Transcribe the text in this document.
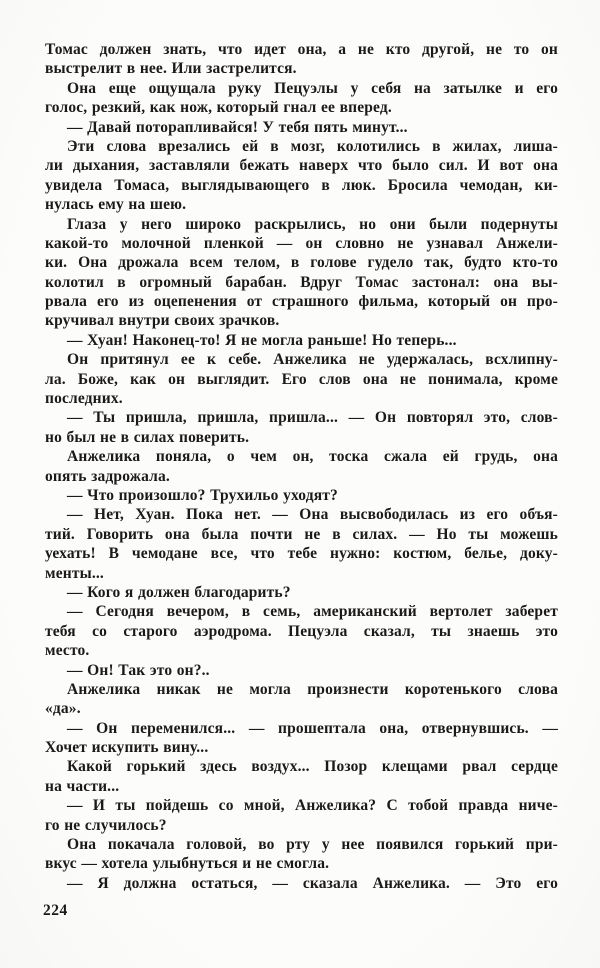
Томас должен знать, что идет она, а не кто другой, не то он
выстрелит в нее. Или застрелится.
Она еще ощущала руку Пецуэлы у себя на затылке и его
голос, резкий, как нож, который гнал ее вперед.
— Давай поторапливайся! У тебя пять минут...
Эти слова врезались ей в мозг, колотились в жилах, лиша-
ли дыхания, заставляли бежать наверх что было сил. И вот она
увидела Томаса, выглядывающего в люк. Бросила чемодан, ки-
нулась ему на шею.
Глаза у него широко раскрылись, но они были подернуты
какой-то молочной пленкой — он словно не узнавал Анжели-
ки. Она дрожала всем телом, в голове гудело так, будто кто-то
колотил в огромный барабан. Вдруг Томас застонал: она вы-
рвала его из оцепенения от страшного фильма, который он про-
кручивал внутри своих зрачков.
— Хуан! Наконец-то! Я не могла раньше! Но теперь...
Он притянул ее к себе. Анжелика не удержалась, всхлипну-
ла. Боже, как он выглядит. Его слов она не понимала, кроме
последних.
— Ты пришла, пришла, пришла... — Он повторял это, слов-
но был не в силах поверить.
Анжелика поняла, о чем он, тоска сжала ей грудь, она
опять задрожала.
— Что произошло? Трухильо уходят?
— Нет, Хуан. Пока нет. — Она высвободилась из его объя-
тий. Говорить она была почти не в силах. — Но ты можешь
уехать! В чемодане все, что тебе нужно: костюм, белье, доку-
менты...
— Кого я должен благодарить?
— Сегодня вечером, в семь, американский вертолет заберет
тебя со старого аэродрома. Пецуэла сказал, ты знаешь это
место.
— Он! Так это он?..
Анжелика никак не могла произнести коротенького слова
«да».
— Он переменился... — прошептала она, отвернувшись. —
Хочет искупить вину...
Какой горький здесь воздух... Позор клещами рвал сердце
на части...
— И ты пойдешь со мной, Анжелика? С тобой правда ниче-
го не случилось?
Она покачала головой, во рту у нее появился горький при-
вкус — хотела улыбнуться и не смогла.
— Я должна остаться, — сказала Анжелика. — Это его
224
